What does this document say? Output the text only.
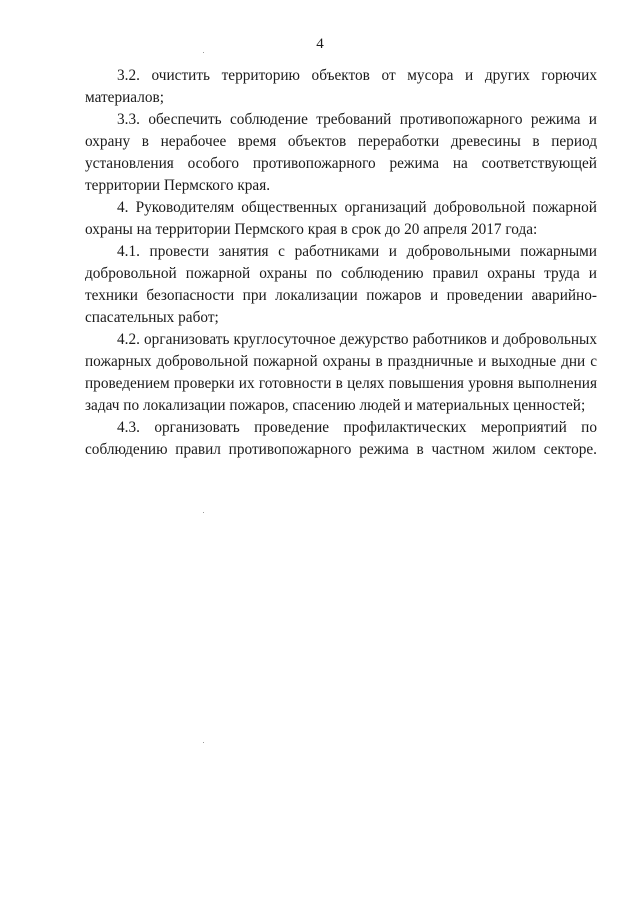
4

3.2. очистить территорию объектов от мусора и других горючих материалов;

3.3. обеспечить соблюдение требований противопожарного режима и охрану в нерабочее время объектов переработки древесины в период установления особого противопожарного режима на соответствующей территории Пермского края.

4. Руководителям общественных организаций добровольной пожарной охраны на территории Пермского края в срок до 20 апреля 2017 года:

4.1. провести занятия с работниками и добровольными пожарными добровольной пожарной охраны по соблюдению правил охраны труда и техники безопасности при локализации пожаров и проведении аварийно-спасательных работ;

4.2. организовать круглосуточное дежурство работников и добровольных пожарных добровольной пожарной охраны в праздничные и выходные дни с проведением проверки их готовности в целях повышения уровня выполнения задач по локализации пожаров, спасению людей и материальных ценностей;

4.3. организовать проведение профилактических мероприятий по соблюдению правил противопожарного режима в частном жилом секторе.
